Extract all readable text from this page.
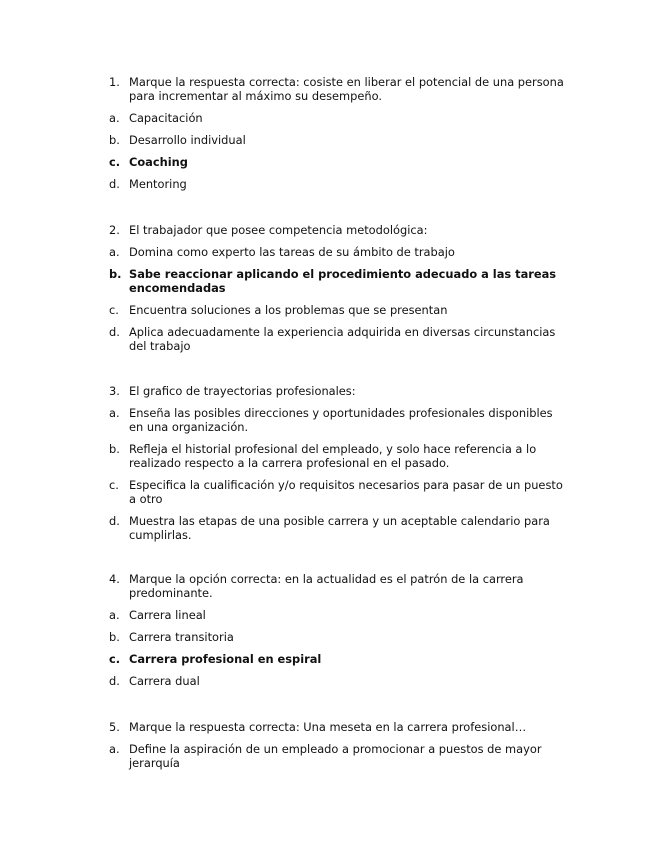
1. Marque la respuesta correcta: cosiste en liberar el potencial de una persona para incrementar al máximo su desempeño.
a. Capacitación
b. Desarrollo individual
c. Coaching
d. Mentoring
2. El trabajador que posee competencia metodológica:
a. Domina como experto las tareas de su ámbito de trabajo
b. Sabe reaccionar aplicando el procedimiento adecuado a las tareas encomendadas
c. Encuentra soluciones a los problemas que se presentan
d. Aplica adecuadamente la experiencia adquirida en diversas circunstancias del trabajo
3. El grafico de trayectorias profesionales:
a. Enseña las posibles direcciones y oportunidades profesionales disponibles en una organización.
b. Refleja el historial profesional del empleado, y solo hace referencia a lo realizado respecto a la carrera profesional en el pasado.
c. Especifica la cualificación y/o requisitos necesarios para pasar de un puesto a otro
d. Muestra las etapas de una posible carrera y un aceptable calendario para cumplirlas.
4. Marque la opción correcta: en la actualidad es el patrón de la carrera predominante.
a. Carrera lineal
b. Carrera transitoria
c. Carrera profesional en espiral
d. Carrera dual
5. Marque la respuesta correcta: Una meseta en la carrera profesional…
a. Define la aspiración de un empleado a promocionar a puestos de mayor jerarquía
